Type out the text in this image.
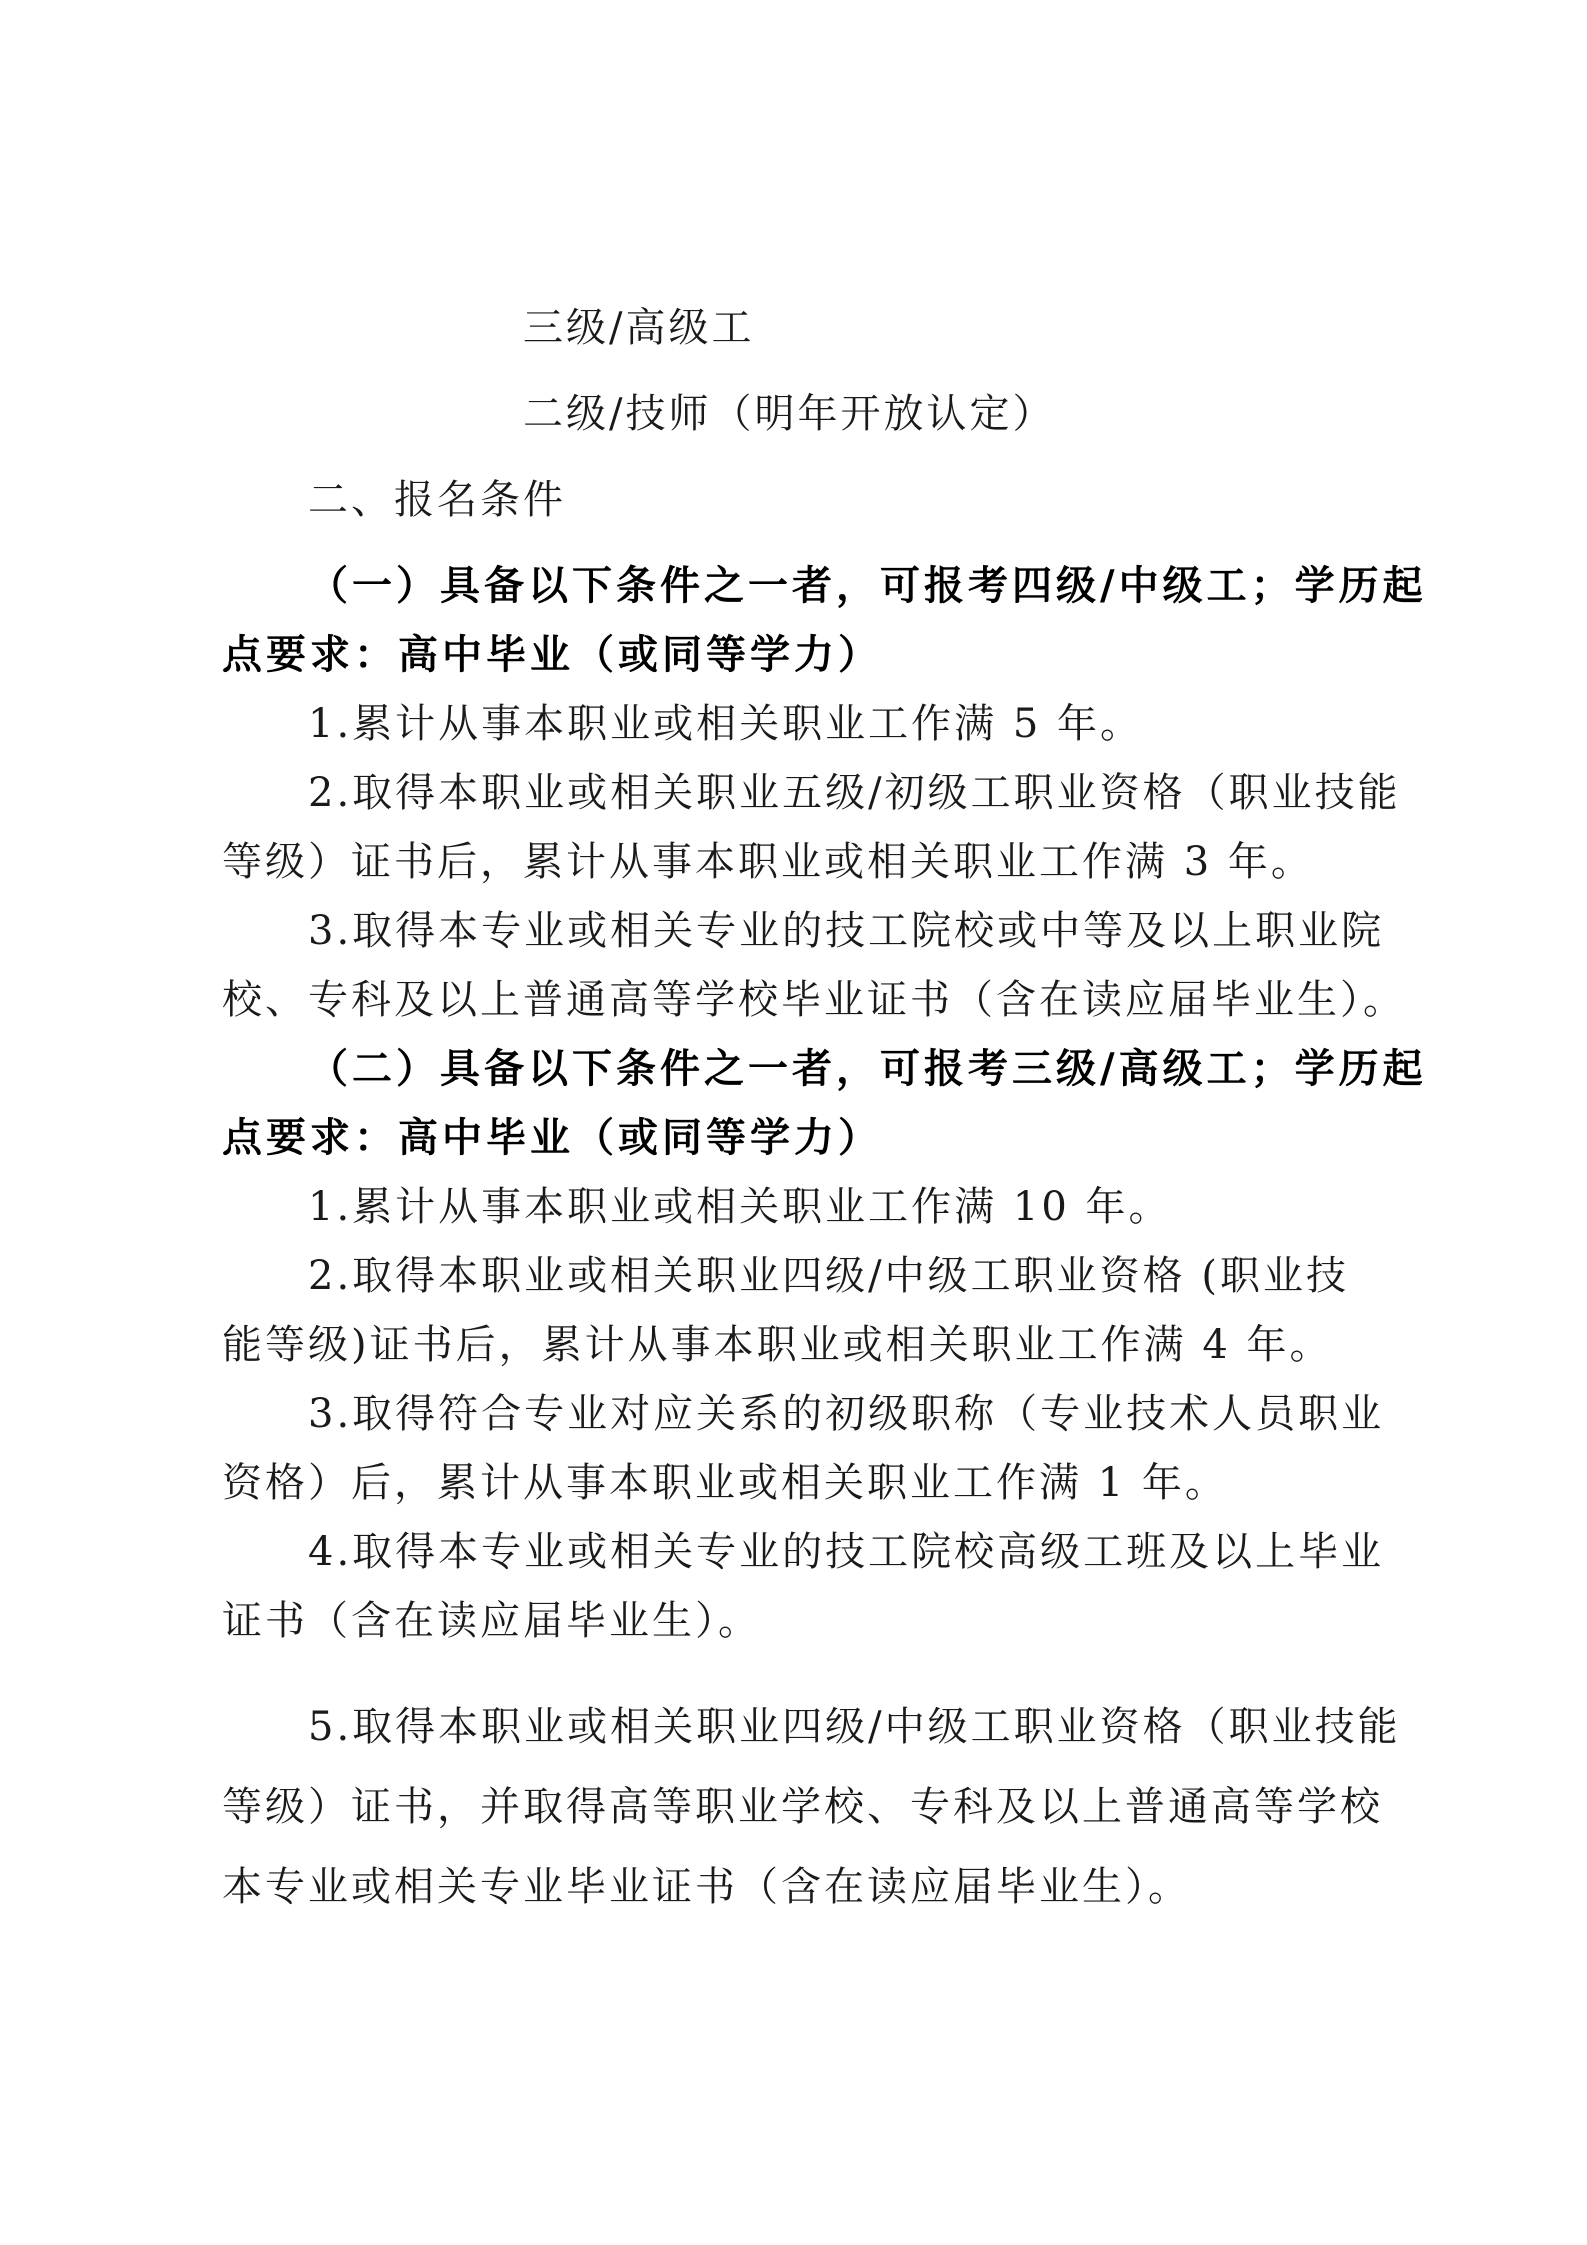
三级/高级工
二级/技师（明年开放认定）
二、报名条件
（一）具备以下条件之一者，可报考四级/中级工；学历起
点要求：高中毕业（或同等学力）
1.累计从事本职业或相关职业工作满 5 年。
2.取得本职业或相关职业五级/初级工职业资格（职业技能
等级）证书后，累计从事本职业或相关职业工作满 3 年。
3.取得本专业或相关专业的技工院校或中等及以上职业院
校、专科及以上普通高等学校毕业证书（含在读应届毕业生）。
（二）具备以下条件之一者，可报考三级/高级工；学历起
点要求：高中毕业（或同等学力）
1.累计从事本职业或相关职业工作满 10 年。
2.取得本职业或相关职业四级/中级工职业资格 (职业技
能等级)证书后，累计从事本职业或相关职业工作满 4 年。
3.取得符合专业对应关系的初级职称（专业技术人员职业
资格）后，累计从事本职业或相关职业工作满 1 年。
4.取得本专业或相关专业的技工院校高级工班及以上毕业
证书（含在读应届毕业生）。
5.取得本职业或相关职业四级/中级工职业资格（职业技能
等级）证书，并取得高等职业学校、专科及以上普通高等学校
本专业或相关专业毕业证书（含在读应届毕业生）。
